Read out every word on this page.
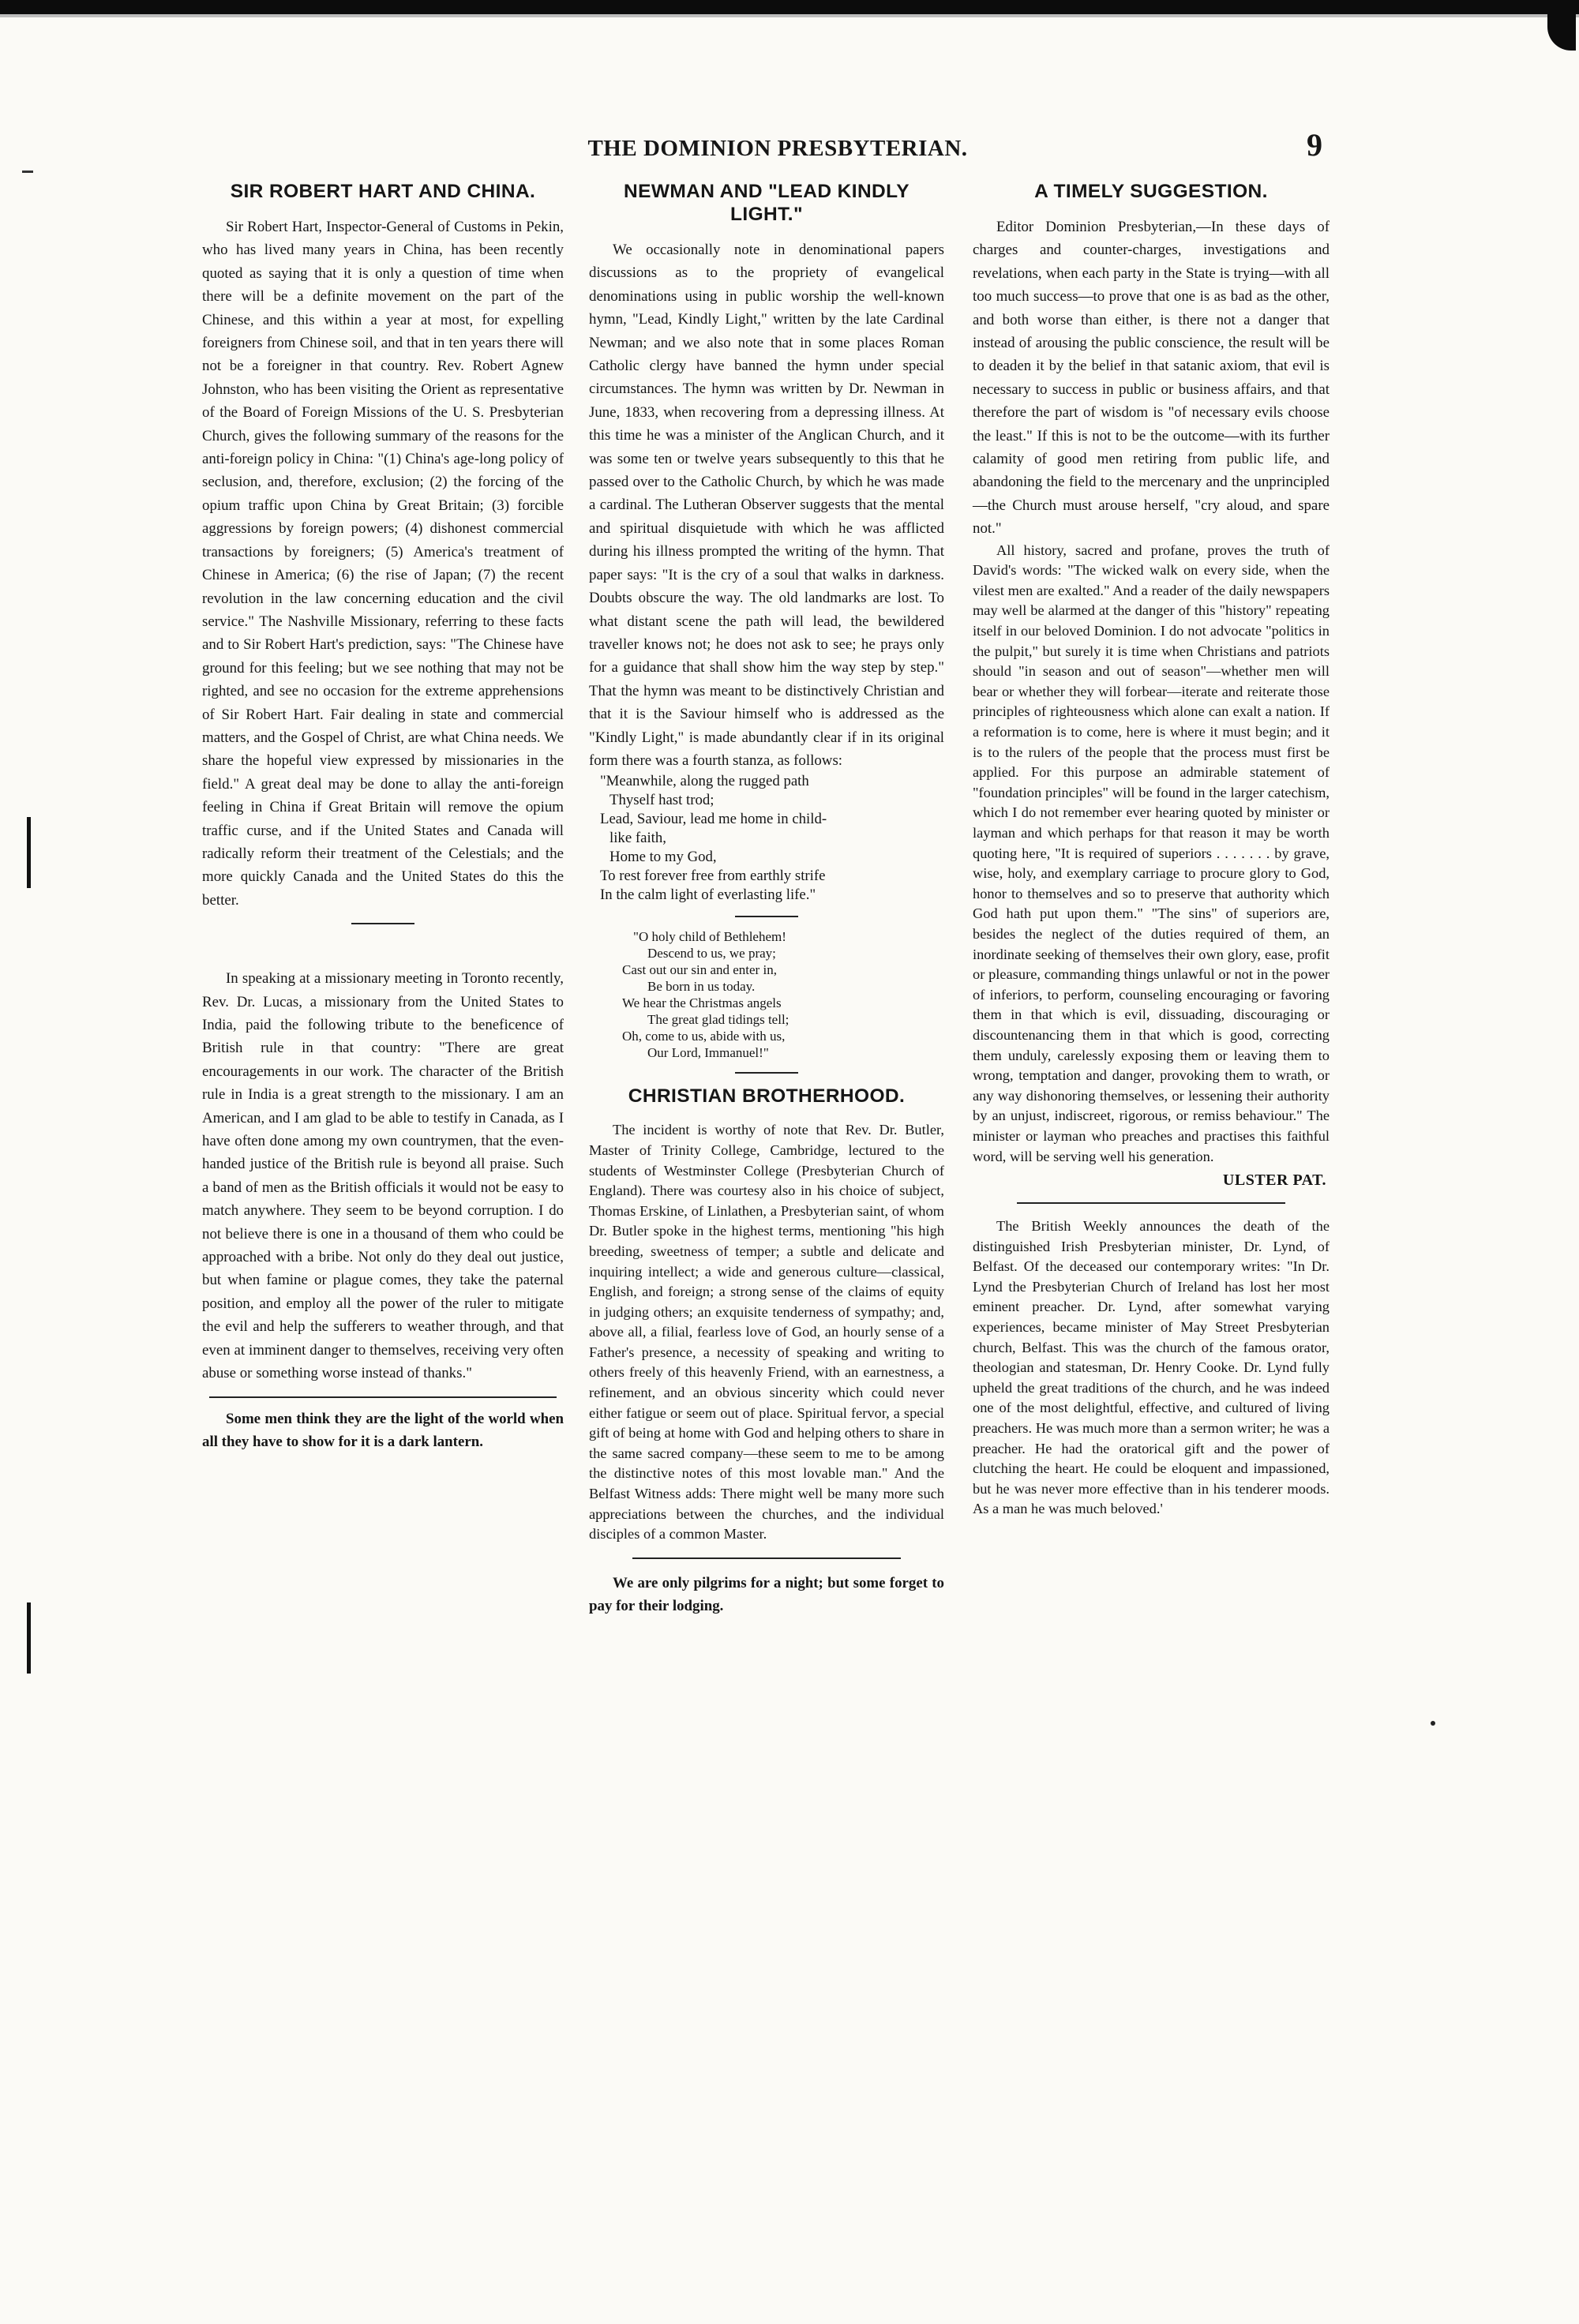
THE DOMINION PRESBYTERIAN.	9
SIR ROBERT HART AND CHINA.

Sir Robert Hart, Inspector-General of Customs in Pekin, who has lived many years in China, has been recently quoted as saying that it is only a question of time when there will be a definite movement on the part of the Chinese, and this within a year at most, for expelling foreigners from Chinese soil, and that in ten years there will not be a foreigner in that country. Rev. Robert Agnew Johnston, who has been visiting the Orient as representative of the Board of Foreign Missions of the U. S. Presbyterian Church, gives the following summary of the reasons for the anti-foreign policy in China: "(1) China's age-long policy of seclusion, and, therefore, exclusion; (2) the forcing of the opium traffic upon China by Great Britain; (3) forcible aggressions by foreign powers; (4) dishonest commercial transactions by foreigners; (5) America's treatment of Chinese in America; (6) the rise of Japan; (7) the recent revolution in the law concerning education and the civil service." The Nashville Missionary, referring to these facts and to Sir Robert Hart's prediction, says: "The Chinese have ground for this feeling; but we see nothing that may not be righted, and see no occasion for the extreme apprehensions of Sir Robert Hart. Fair dealing in state and commercial matters, and the Gospel of Christ, are what China needs. We share the hopeful view expressed by missionaries in the field." A great deal may be done to allay the anti-foreign feeling in China if Great Britain will remove the opium traffic curse, and if the United States and Canada will radically reform their treatment of the Celestials; and the more quickly Canada and the United States do this the better.

In speaking at a missionary meeting in Toronto recently, Rev. Dr. Lucas, a missionary from the United States to India, paid the following tribute to the beneficence of British rule in that country: "There are great encouragements in our work. The character of the British rule in India is a great strength to the missionary. I am an American, and I am glad to be able to testify in Canada, as I have often done among my own countrymen, that the even-handed justice of the British rule is beyond all praise. Such a band of men as the British officials it would not be easy to match anywhere. They seem to be beyond corruption. I do not believe there is one in a thousand of them who could be approached with a bribe. Not only do they deal out justice, but when famine or plague comes, they take the paternal position, and employ all the power of the ruler to mitigate the evil and help the sufferers to weather through, and that even at imminent danger to themselves, receiving very often abuse or something worse instead of thanks."

Some men think they are the light of the world when all they have to show for it is a dark lantern.

NEWMAN AND "LEAD KINDLY LIGHT."

We occasionally note in denominational papers discussions as to the propriety of evangelical denominations using in public worship the well-known hymn, "Lead, Kindly Light," written by the late Cardinal Newman; and we also note that in some places Roman Catholic clergy have banned the hymn under special circumstances. The hymn was written by Dr. Newman in June, 1833, when recovering from a depressing illness. At this time he was a minister of the Anglican Church, and it was some ten or twelve years subsequently to this that he passed over to the Catholic Church, by which he was made a cardinal. The Lutheran Observer suggests that the mental and spiritual disquietude with which he was afflicted during his illness prompted the writing of the hymn. That paper says: "It is the cry of a soul that walks in darkness. Doubts obscure the way. The old landmarks are lost. To what distant scene the path will lead, the bewildered traveller knows not; he does not ask to see; he prays only for a guidance that shall show him the way step by step." That the hymn was meant to be distinctively Christian and that it is the Saviour himself who is addressed as the "Kindly Light," is made abundantly clear if in its original form there was a fourth stanza, as follows:

"Meanwhile, along the rugged path
Thyself hast trod;
Lead, Saviour, lead me home in child-
like faith,
Home to my God,
To rest forever free from earthly strife
In the calm light of everlasting life."
"O holy child of Bethlehem!
Descend to us, we pray;
Cast out our sin and enter in,
Be born in us today.
We hear the Christmas angels
The great glad tidings tell;
Oh, come to us, abide with us,
Our Lord, Immanuel!"
CHRISTIAN BROTHERHOOD.

The incident is worthy of note that Rev. Dr. Butler, Master of Trinity College, Cambridge, lectured to the students of Westminster College (Presbyterian Church of England). There was courtesy also in his choice of subject, Thomas Erskine, of Linlathen, a Presbyterian saint, of whom Dr. Butler spoke in the highest terms, mentioning "his high breeding, sweetness of temper; a subtle and delicate and inquiring intellect; a wide and generous culture—classical, English, and foreign; a strong sense of the claims of equity in judging others; an exquisite tenderness of sympathy; and, above all, a filial, fearless love of God, an hourly sense of a Father's presence, a necessity of speaking and writing to others freely of this heavenly Friend, with an earnestness, a refinement, and an obvious sincerity which could never either fatigue or seem out of place. Spiritual fervor, a special gift of being at home with God and helping others to share in the same sacred company—these seem to me to be among the distinctive notes of this most lovable man." And the Belfast Witness adds: There might well be many more such appreciations between the churches, and the individual disciples of a common Master.

We are only pilgrims for a night; but some forget to pay for their lodging.

A TIMELY SUGGESTION.

Editor Dominion Presbyterian,—In these days of charges and counter-charges, investigations and revelations, when each party in the State is trying—with all too much success—to prove that one is as bad as the other, and both worse than either, is there not a danger that instead of arousing the public conscience, the result will be to deaden it by the belief in that satanic axiom, that evil is necessary to success in public or business affairs, and that therefore the part of wisdom is "of necessary evils choose the least." If this is not to be the outcome—with its further calamity of good men retiring from public life, and abandoning the field to the mercenary and the unprincipled—the Church must arouse herself, "cry aloud, and spare not."

All history, sacred and profane, proves the truth of David's words: "The wicked walk on every side, when the vilest men are exalted." And a reader of the daily newspapers may well be alarmed at the danger of this "history" repeating itself in our beloved Dominion. I do not advocate "politics in the pulpit," but surely it is time when Christians and patriots should "in season and out of season"—whether men will bear or whether they will forbear—iterate and reiterate those principles of righteousness which alone can exalt a nation. If a reformation is to come, here is where it must begin; and it is to the rulers of the people that the process must first be applied. For this purpose an admirable statement of "foundation principles" will be found in the larger catechism, which I do not remember ever hearing quoted by minister or layman and which perhaps for that reason it may be worth quoting here, "It is required of superiors . . . . . . . by grave, wise, holy, and exemplary carriage to procure glory to God, honor to themselves and so to preserve that authority which God hath put upon them." "The sins" of superiors are, besides the neglect of the duties required of them, an inordinate seeking of themselves their own glory, ease, profit or pleasure, commanding things unlawful or not in the power of inferiors, to perform, counseling encouraging or favoring them in that which is evil, dissuading, discouraging or discountenancing them in that which is good, correcting them unduly, carelessly exposing them or leaving them to wrong, temptation and danger, provoking them to wrath, or any way dishonoring themselves, or lessening their authority by an unjust, indiscreet, rigorous, or remiss behaviour." The minister or layman who preaches and practises this faithful word, will be serving well his generation.

ULSTER PAT.

The British Weekly announces the death of the distinguished Irish Presbyterian minister, Dr. Lynd, of Belfast. Of the deceased our contemporary writes: "In Dr. Lynd the Presbyterian Church of Ireland has lost her most eminent preacher. Dr. Lynd, after somewhat varying experiences, became minister of May Street Presbyterian church, Belfast. This was the church of the famous orator, theologian and statesman, Dr. Henry Cooke. Dr. Lynd fully upheld the great traditions of the church, and he was indeed one of the most delightful, effective, and cultured of living preachers. He was much more than a sermon writer; he was a preacher. He had the oratorical gift and the power of clutching the heart. He could be eloquent and impassioned, but he was never more effective than in his tenderer moods. As a man he was much beloved.'
